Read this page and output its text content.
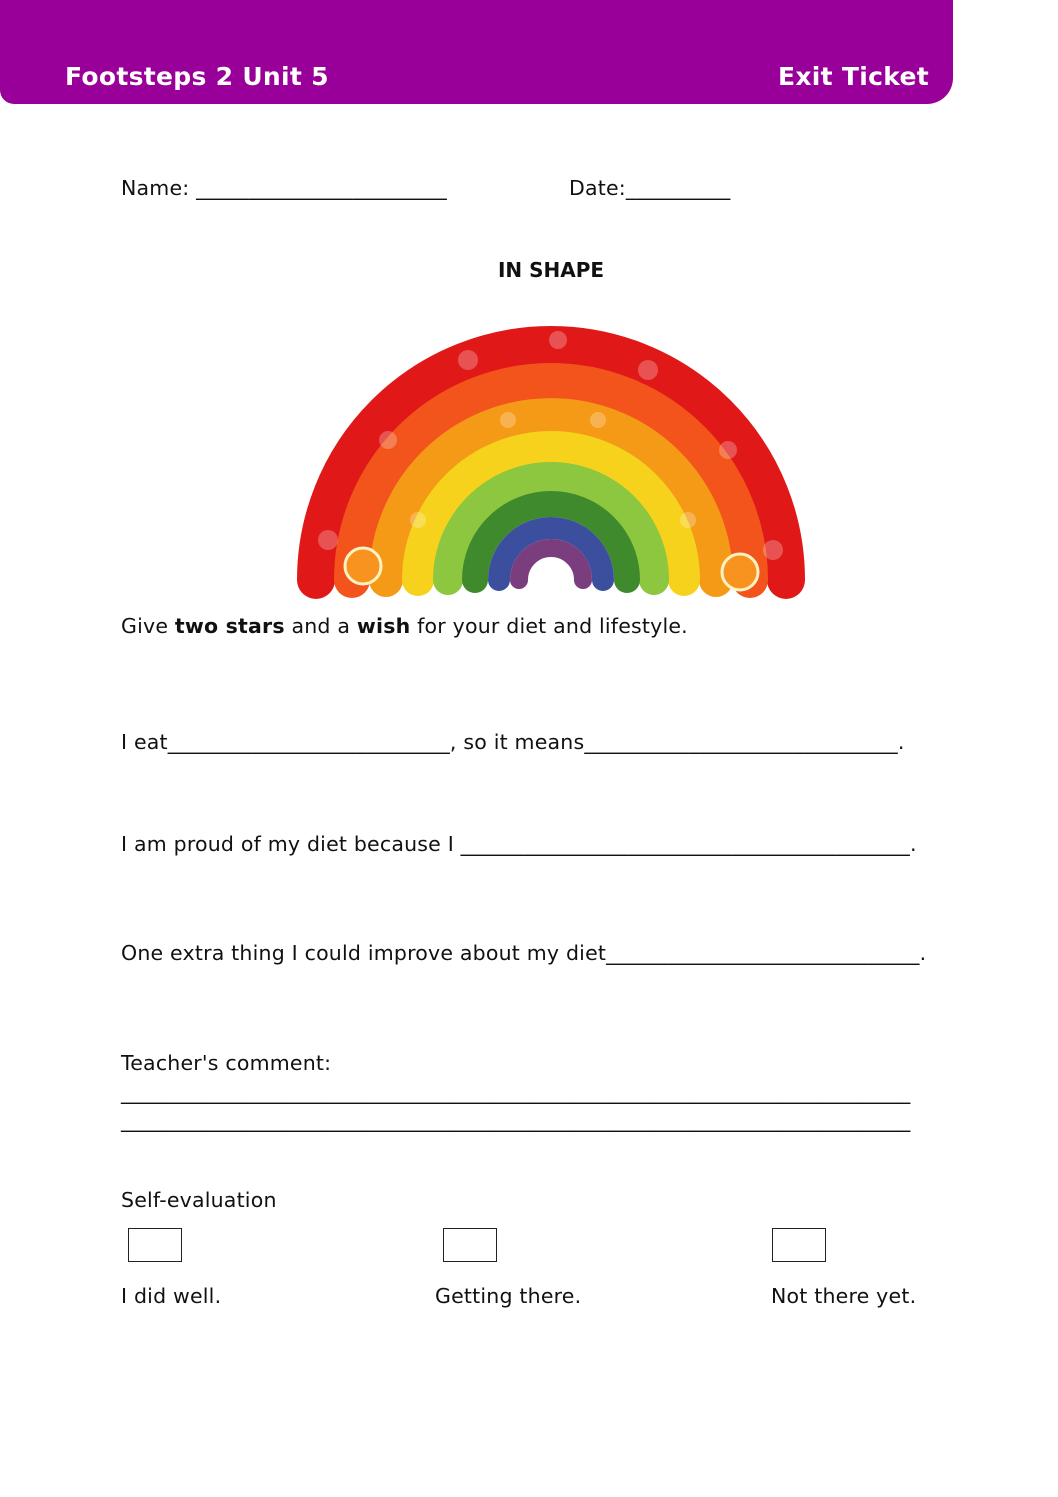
Footsteps 2 Unit 5	Exit Ticket
Name: ________________________	Date:__________
IN SHAPE
Give two stars and a wish for your diet and lifestyle.
I eat___________________________, so it means______________________________.
I am proud of my diet because I ___________________________________________.
One extra thing I could improve about my diet______________________________.
Teacher's comment:
_____________________________________________________________________________
_____________________________________________________________________________
Self-evaluation
I did well.	Getting there.	Not there yet.
